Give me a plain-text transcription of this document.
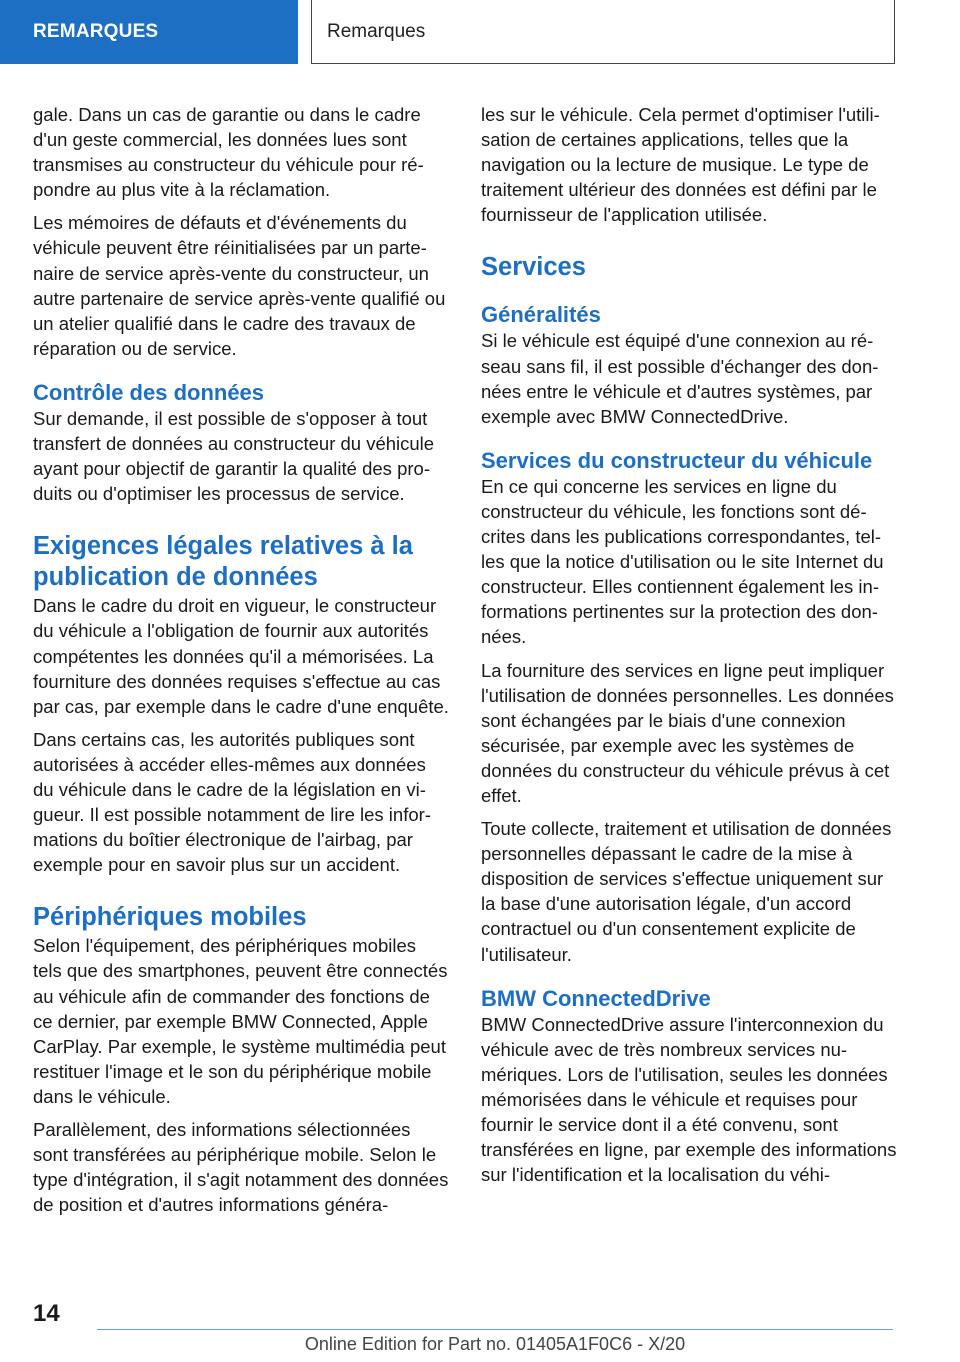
REMARQUES	Remarques

gale. Dans un cas de garantie ou dans le cadre d'un geste commercial, les données lues sont transmises au constructeur du véhicule pour répondre au plus vite à la réclamation.

Les mémoires de défauts et d'événements du véhicule peuvent être réinitialisées par un partenaire de service après-vente du constructeur, un autre partenaire de service après-vente qualifié ou un atelier qualifié dans le cadre des travaux de réparation ou de service.

Contrôle des données

Sur demande, il est possible de s'opposer à tout transfert de données au constructeur du véhicule ayant pour objectif de garantir la qualité des produits ou d'optimiser les processus de service.

Exigences légales relatives à la publication de données

Dans le cadre du droit en vigueur, le constructeur du véhicule a l'obligation de fournir aux autorités compétentes les données qu'il a mémorisées. La fourniture des données requises s'effectue au cas par cas, par exemple dans le cadre d'une enquête.

Dans certains cas, les autorités publiques sont autorisées à accéder elles-mêmes aux données du véhicule dans le cadre de la législation en vigueur. Il est possible notamment de lire les informations du boîtier électronique de l'airbag, par exemple pour en savoir plus sur un accident.

Périphériques mobiles

Selon l'équipement, des périphériques mobiles tels que des smartphones, peuvent être connectés au véhicule afin de commander des fonctions de ce dernier, par exemple BMW Connected, Apple CarPlay. Par exemple, le système multimédia peut restituer l'image et le son du périphérique mobile dans le véhicule.

Parallèlement, des informations sélectionnées sont transférées au périphérique mobile. Selon le type d'intégration, il s'agit notamment des données de position et d'autres informations généra-

les sur le véhicule. Cela permet d'optimiser l'utilisation de certaines applications, telles que la navigation ou la lecture de musique. Le type de traitement ultérieur des données est défini par le fournisseur de l'application utilisée.

Services
Généralités

Si le véhicule est équipé d'une connexion au réseau sans fil, il est possible d'échanger des données entre le véhicule et d'autres systèmes, par exemple avec BMW ConnectedDrive.

Services du constructeur du véhicule

En ce qui concerne les services en ligne du constructeur du véhicule, les fonctions sont décrites dans les publications correspondantes, telles que la notice d'utilisation ou le site Internet du constructeur. Elles contiennent également les informations pertinentes sur la protection des données.

La fourniture des services en ligne peut impliquer l'utilisation de données personnelles. Les données sont échangées par le biais d'une connexion sécurisée, par exemple avec les systèmes de données du constructeur du véhicule prévus à cet effet.

Toute collecte, traitement et utilisation de données personnelles dépassant le cadre de la mise à disposition de services s'effectue uniquement sur la base d'une autorisation légale, d'un accord contractuel ou d'un consentement explicite de l'utilisateur.

BMW ConnectedDrive

BMW ConnectedDrive assure l'interconnexion du véhicule avec de très nombreux services numériques. Lors de l'utilisation, seules les données mémorisées dans le véhicule et requises pour fournir le service dont il a été convenu, sont transférées en ligne, par exemple des informations sur l'identification et la localisation du véhi-

14
Online Edition for Part no. 01405A1F0C6 - X/20
